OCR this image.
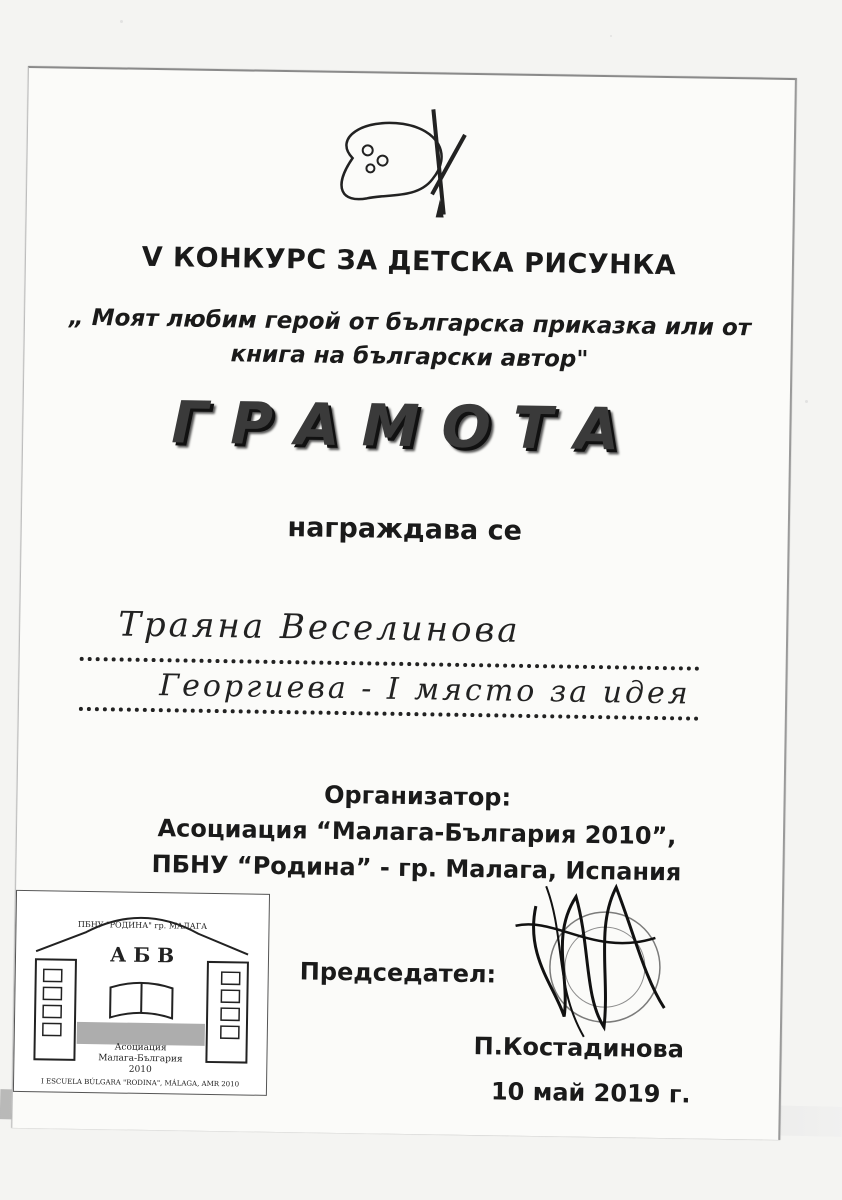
V КОНКУРС ЗА ДЕТСКА РИСУНКА
„ Моят любим герой от българска приказка или от
книга на български автор"
ГРАМОТА
награждава се
Траяна Веселинова
Георгиева - I място за идея
Организатор:
Асоциация “Малага-България 2010”,
ПБНУ “Родина” - гр. Малага, Испания
А Б В
ПБНУ "РОДИНА" гр. МАЛАГА
Асоциация
Малага-България
2010
I ESCUELA BÚLGARA "RODINA", MÁLAGA, AMR 2010
Председател:
П.Костадинова
10 май 2019 г.
